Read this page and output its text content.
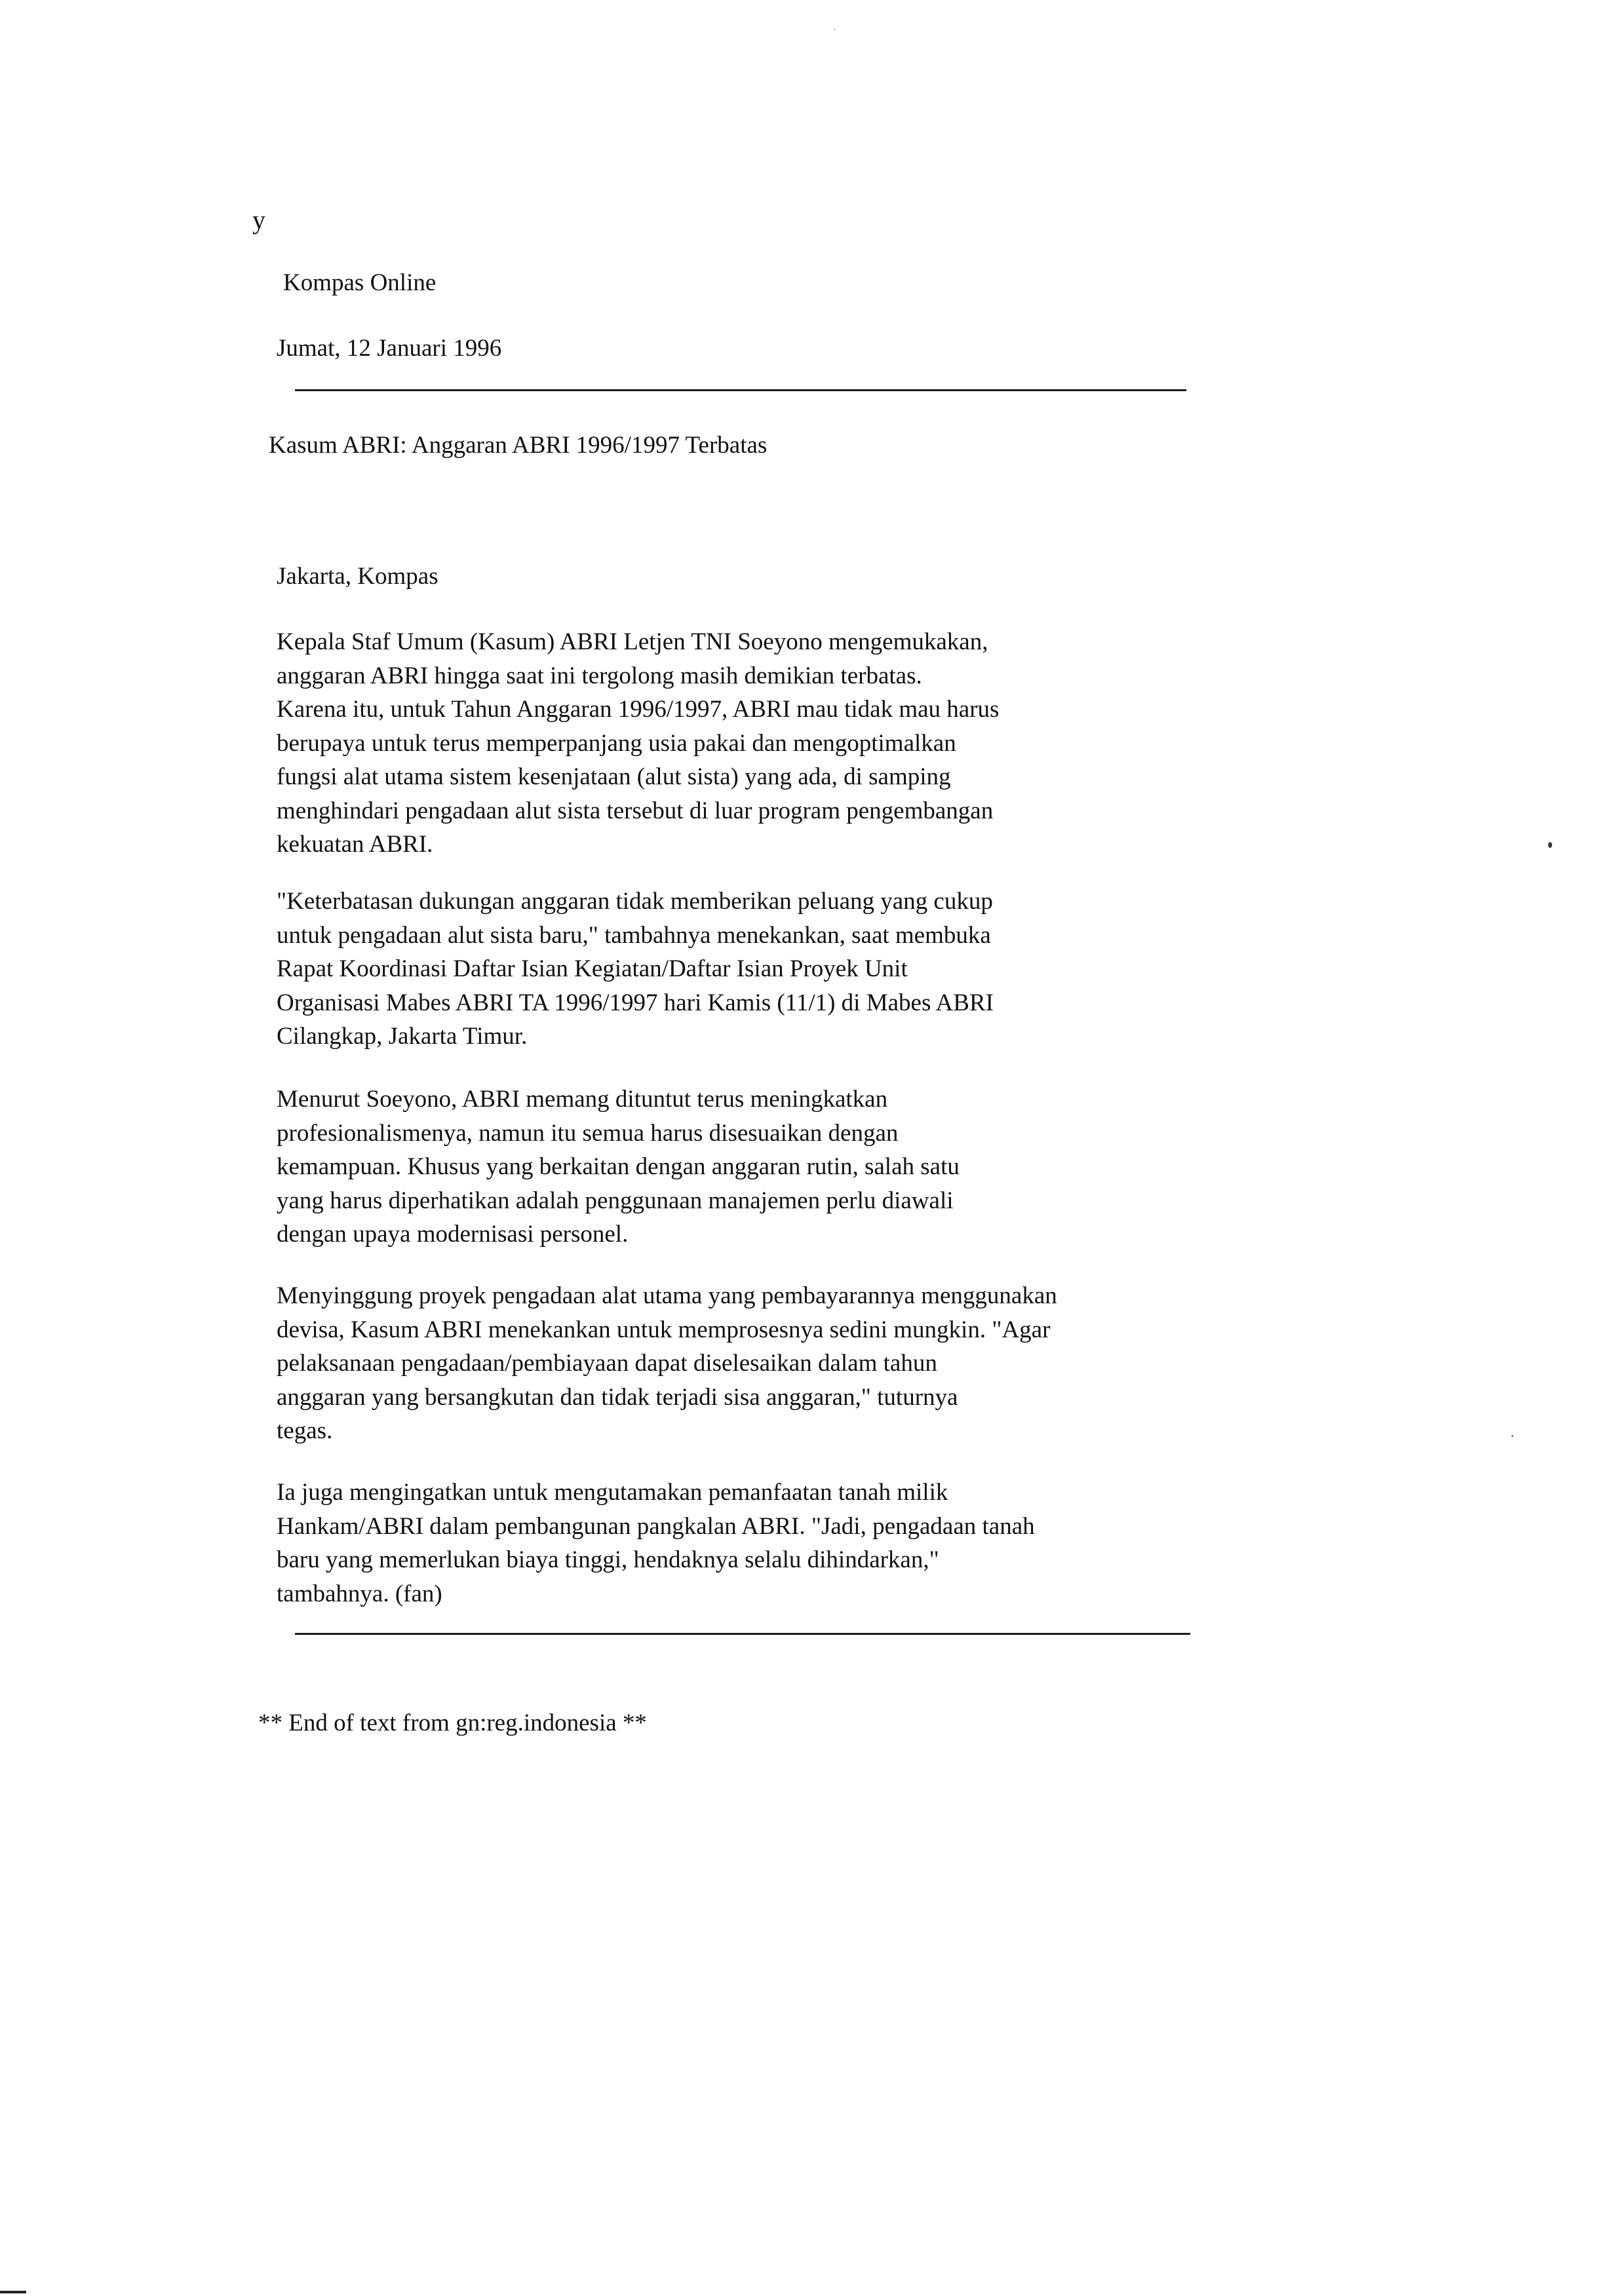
y
Kompas Online
Jumat, 12 Januari 1996
Kasum ABRI: Anggaran ABRI 1996/1997 Terbatas
Jakarta, Kompas
Kepala Staf Umum (Kasum) ABRI Letjen TNI Soeyono mengemukakan,
anggaran ABRI hingga saat ini tergolong masih demikian terbatas.
Karena itu, untuk Tahun Anggaran 1996/1997, ABRI mau tidak mau harus
berupaya untuk terus memperpanjang usia pakai dan mengoptimalkan
fungsi alat utama sistem kesenjataan (alut sista) yang ada, di samping
menghindari pengadaan alut sista tersebut di luar program pengembangan
kekuatan ABRI.
"Keterbatasan dukungan anggaran tidak memberikan peluang yang cukup
untuk pengadaan alut sista baru," tambahnya menekankan, saat membuka
Rapat Koordinasi Daftar Isian Kegiatan/Daftar Isian Proyek Unit
Organisasi Mabes ABRI TA 1996/1997 hari Kamis (11/1) di Mabes ABRI
Cilangkap, Jakarta Timur.
Menurut Soeyono, ABRI memang dituntut terus meningkatkan
profesionalismenya, namun itu semua harus disesuaikan dengan
kemampuan. Khusus yang berkaitan dengan anggaran rutin, salah satu
yang harus diperhatikan adalah penggunaan manajemen perlu diawali
dengan upaya modernisasi personel.
Menyinggung proyek pengadaan alat utama yang pembayarannya menggunakan
devisa, Kasum ABRI menekankan untuk memprosesnya sedini mungkin. "Agar
pelaksanaan pengadaan/pembiayaan dapat diselesaikan dalam tahun
anggaran yang bersangkutan dan tidak terjadi sisa anggaran," tuturnya
tegas.
Ia juga mengingatkan untuk mengutamakan pemanfaatan tanah milik
Hankam/ABRI dalam pembangunan pangkalan ABRI. "Jadi, pengadaan tanah
baru yang memerlukan biaya tinggi, hendaknya selalu dihindarkan,"
tambahnya. (fan)
** End of text from gn:reg.indonesia **
